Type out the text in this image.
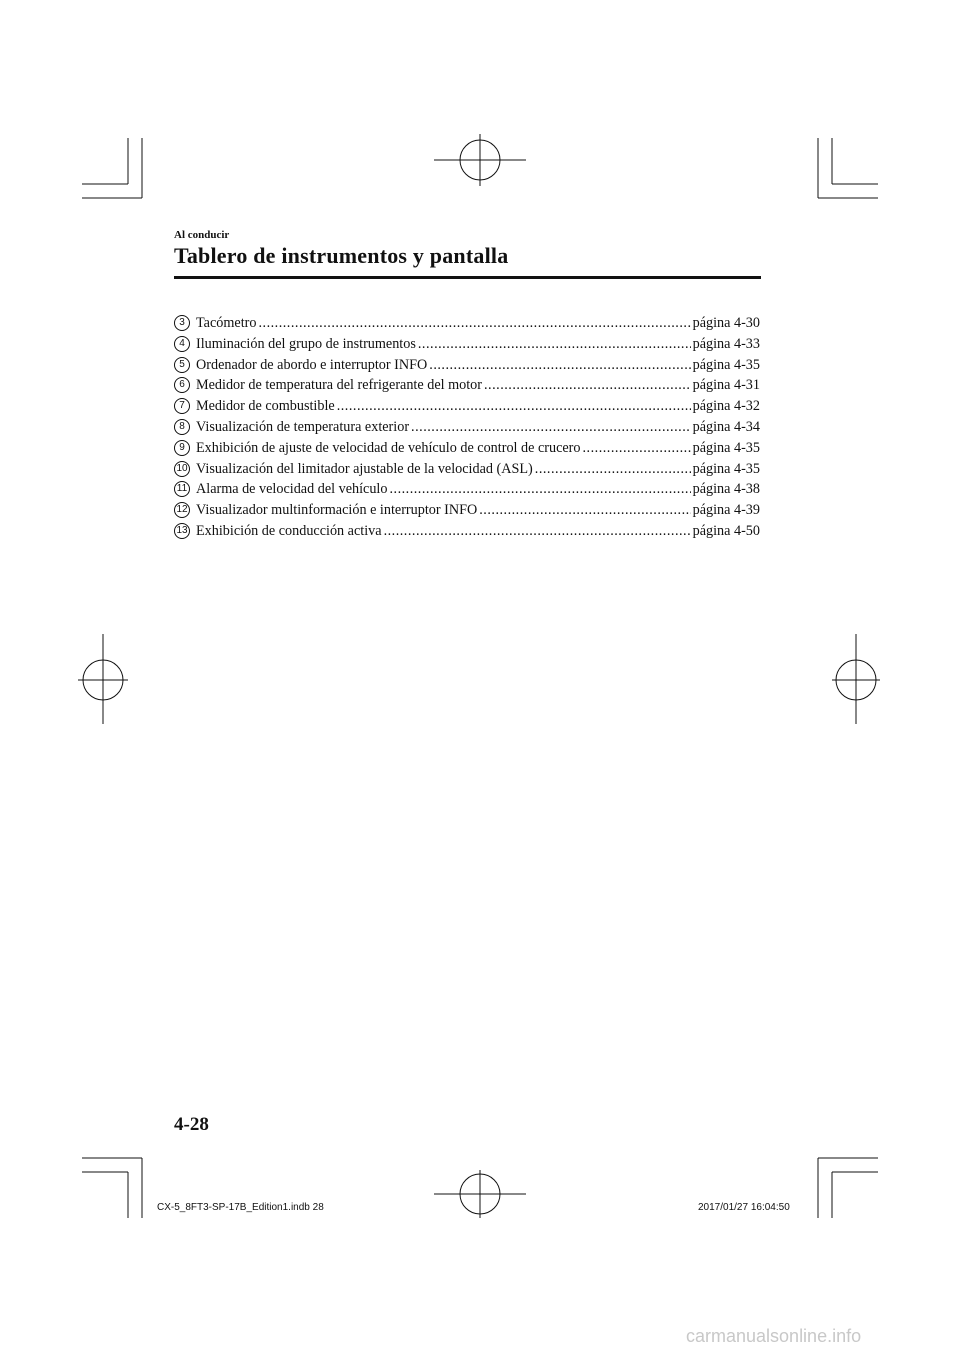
Al conducir
Tablero de instrumentos y pantalla
3 Tacómetro .....	página 4-30
4 Iluminación del grupo de instrumentos .....	página 4-33
5 Ordenador de abordo e interruptor INFO .....	página 4-35
6 Medidor de temperatura del refrigerante del motor .....	página 4-31
7 Medidor de combustible .....	página 4-32
8 Visualización de temperatura exterior .....	página 4-34
9 Exhibición de ajuste de velocidad de vehículo de control de crucero .....	página 4-35
10 Visualización del limitador ajustable de la velocidad (ASL) .....	página 4-35
11 Alarma de velocidad del vehículo .....	página 4-38
12 Visualizador multinformación e interruptor INFO .....	página 4-39
13 Exhibición de conducción activa .....	página 4-50
4-28
CX-5_8FT3-SP-17B_Edition1.indb 28	2017/01/27 16:04:50
carmanualsonline.info
